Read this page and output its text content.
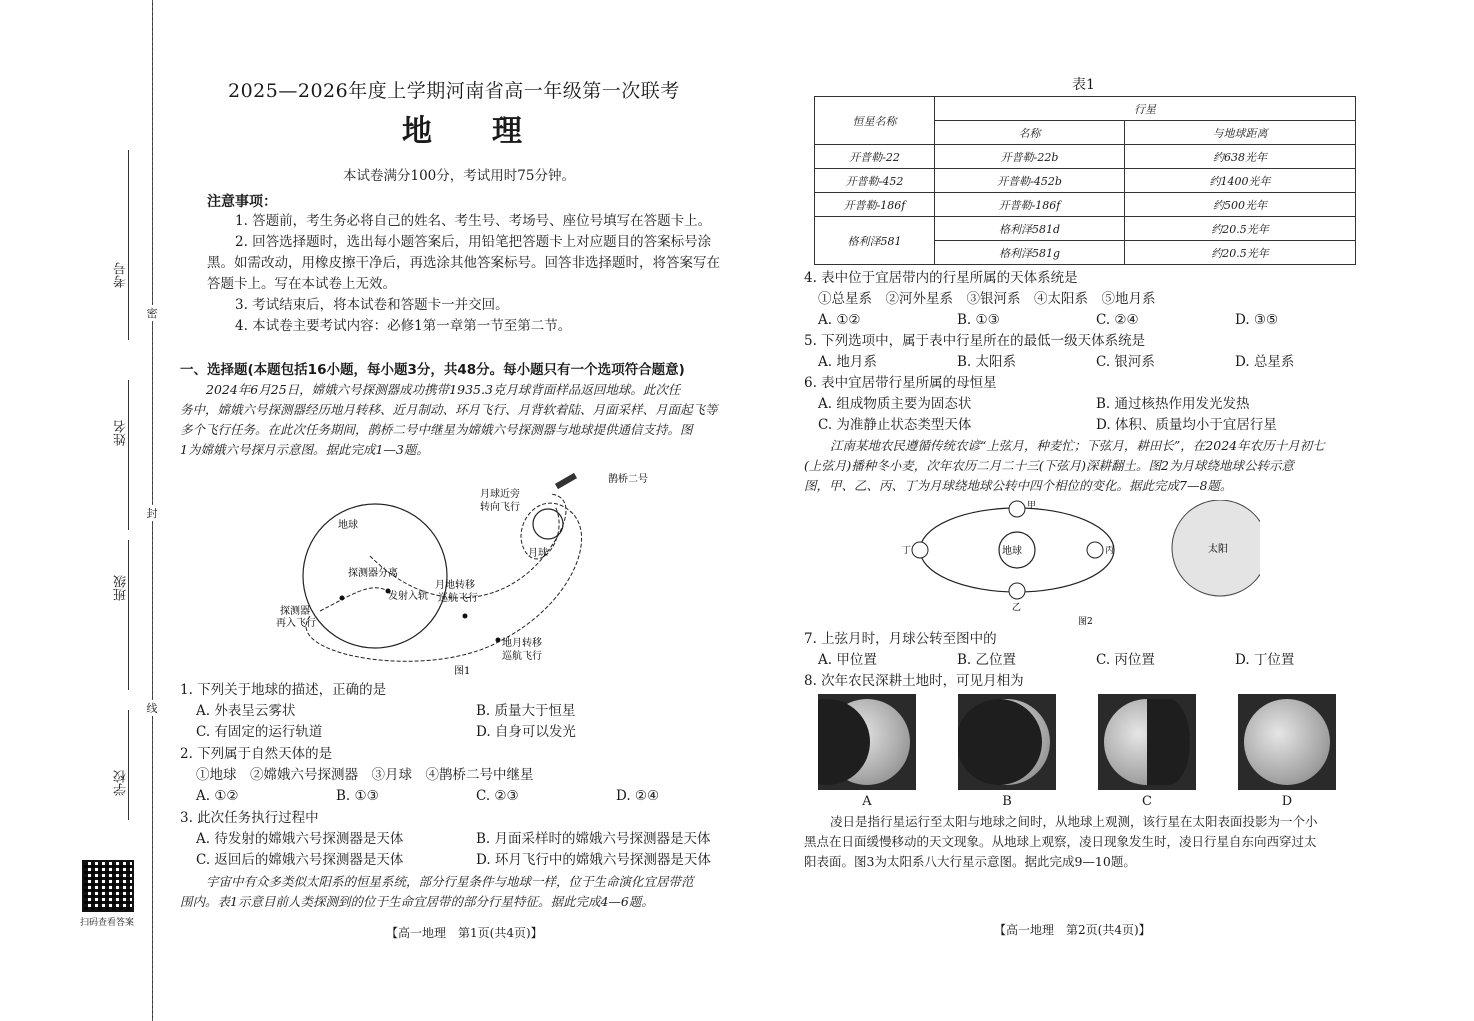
考号
姓名
班级
学校
密
封
线
扫码查看答案
2025—2026年度上学期河南省高一年级第一次联考
地　　理
本试卷满分100分，考试用时75分钟。
注意事项：
1. 答题前，考生务必将自己的姓名、考生号、考场号、座位号填写在答题卡上。
2. 回答选择题时，选出每小题答案后，用铅笔把答题卡上对应题目的答案标号涂
黑。如需改动，用橡皮擦干净后，再选涂其他答案标号。回答非选择题时，将答案写在
答题卡上。写在本试卷上无效。
3. 考试结束后，将本试卷和答题卡一并交回。
4. 本试卷主要考试内容：必修1第一章第一节至第二节。
一、选择题(本题包括16小题，每小题3分，共48分。每小题只有一个选项符合题意)
2024年6月25日，嫦娥六号探测器成功携带1935.3克月球背面样品返回地球。此次任
务中，嫦娥六号探测器经历地月转移、近月制动、环月飞行、月背软着陆、月面采样、月面起飞等
多个飞行任务。在此次任务期间，鹊桥二号中继星为嫦娥六号探测器与地球提供通信支持。图
1为嫦娥六号探月示意图。据此完成1—3题。
地球
月球
探测器分离
发射入轨
月地转移
巡航飞行
探测器
再入飞行
地月转移
巡航飞行
月球近旁
转向飞行
鹊桥二号
图1
1. 下列关于地球的描述，正确的是
A. 外表呈云雾状	B. 质量大于恒星
C. 有固定的运行轨道	D. 自身可以发光
2. 下列属于自然天体的是
①地球　②嫦娥六号探测器　③月球　④鹊桥二号中继星
A. ①②	B. ①③	C. ②③	D. ②④
3. 此次任务执行过程中
A. 待发射的嫦娥六号探测器是天体	B. 月面采样时的嫦娥六号探测器是天体
C. 返回后的嫦娥六号探测器是天体	D. 环月飞行中的嫦娥六号探测器是天体
宇宙中有众多类似太阳系的恒星系统，部分行星条件与地球一样，位于生命演化宜居带范
围内。表1示意目前人类探测到的位于生命宜居带的部分行星特征。据此完成4—6题。
【高一地理　第1页(共4页)】
表1
恒星名称	行星	
	名称	与地球距离
开普勒-22	开普勒-22b	约638光年
开普勒-452	开普勒-452b	约1400光年
开普勒-186f	开普勒-186f	约500光年
格利泽581	格利泽581d	约20.5光年
	格利泽581g	约20.5光年
4. 表中位于宜居带内的行星所属的天体系统是
①总星系　②河外星系　③银河系　④太阳系　⑤地月系
A. ①②	B. ①③	C. ②④	D. ③⑤
5. 下列选项中，属于表中行星所在的最低一级天体系统是
A. 地月系	B. 太阳系	C. 银河系	D. 总星系
6. 表中宜居带行星所属的母恒星
A. 组成物质主要为固态状	B. 通过核热作用发光发热
C. 为准静止状态类型天体	D. 体积、质量均小于宜居行星
江南某地农民遵循传统农谚“上弦月，种麦忙；下弦月，耕田长”，在2024年农历十月初七
(上弦月)播种冬小麦，次年农历二月二十三(下弦月)深耕翻土。图2为月球绕地球公转示意
图，甲、乙、丙、丁为月球绕地球公转中四个相位的变化。据此完成7—8题。
地球	太阳
甲
乙
丙
丁
图2
7. 上弦月时，月球公转至图中的
A. 甲位置	B. 乙位置	C. 丙位置	D. 丁位置
8. 次年农民深耕土地时，可见月相为
A	B	C	D
凌日是指行星运行至太阳与地球之间时，从地球上观测，该行星在太阳表面投影为一个小
黑点在日面缓慢移动的天文现象。从地球上观察，凌日现象发生时，凌日行星自东向西穿过太
阳表面。图3为太阳系八大行星示意图。据此完成9—10题。
【高一地理　第2页(共4页)】
